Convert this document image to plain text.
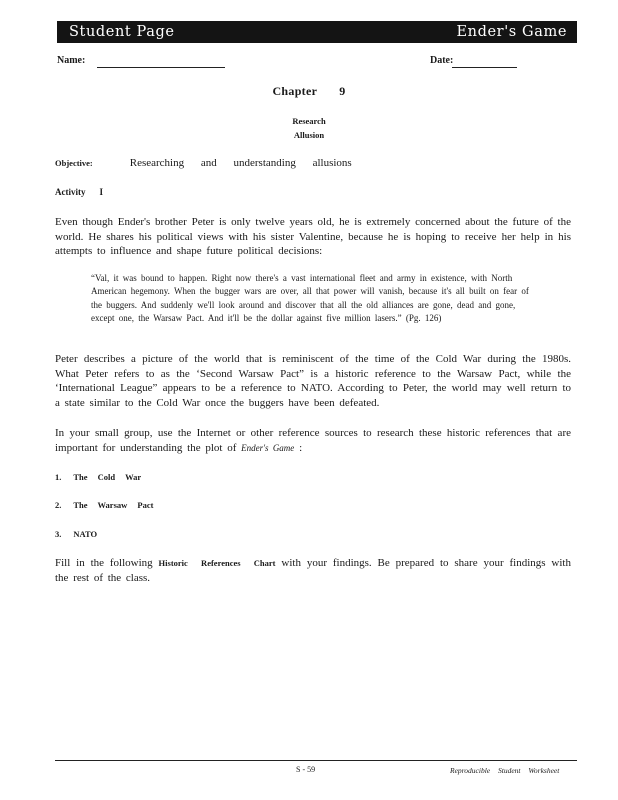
Student Page	Ender's Game
Name:	Date:
Chapter 9
Research
Allusion
Objective:	Researching and understanding allusions
Activity I
Even though Ender's brother Peter is only twelve years old, he is extremely concerned about the future of the world. He shares his political views with his sister Valentine, because he is hoping to receive her help in his attempts to influence and shape future political decisions:
“Val, it was bound to happen. Right now there's a vast international fleet and army in existence, with North American hegemony. When the bugger wars are over, all that power will vanish, because it's all built on fear of the buggers. And suddenly we'll look around and discover that all the old alliances are gone, dead and gone, except one, the Warsaw Pact. And it'll be the dollar against five million lasers.” (Pg. 126)
Peter describes a picture of the world that is reminiscent of the time of the Cold War during the 1980s. What Peter refers to as the ‘Second Warsaw Pact” is a historic reference to the Warsaw Pact, while the ‘International League” appears to be a reference to NATO. According to Peter, the world may well return to a state similar to the Cold War once the buggers have been defeated.
In your small group, use the Internet or other reference sources to research these historic references that are important for understanding the plot of Ender's Game :
1. The Cold War
2. The Warsaw Pact
3. NATO
Fill in the following Historic References Chart with your findings. Be prepared to share your findings with the rest of the class.
S - 59	Reproducible Student Worksheet
